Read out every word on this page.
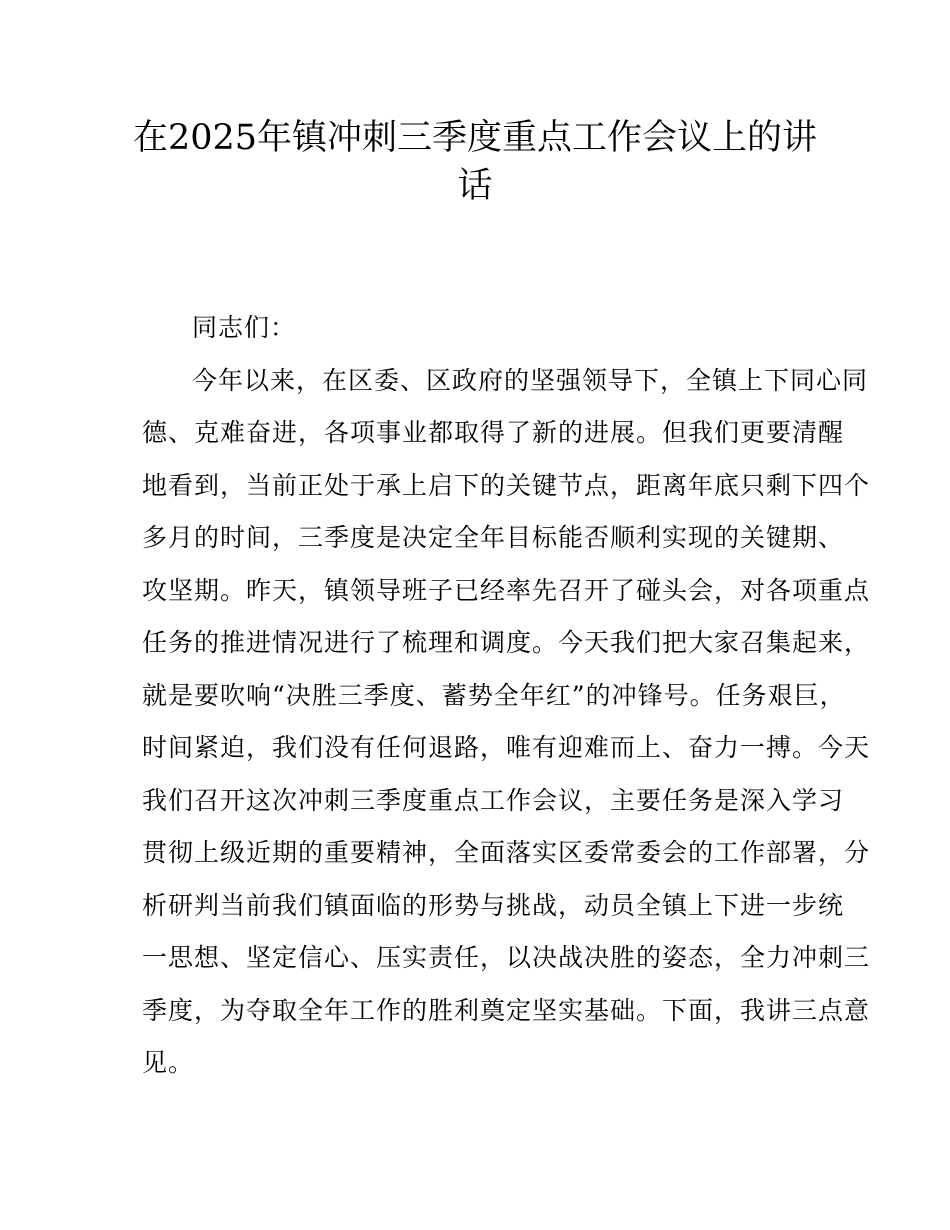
在2025年镇冲刺三季度重点工作会议上的讲
话
同志们：
今年以来，在区委、区政府的坚强领导下，全镇上下同心同
德、克难奋进，各项事业都取得了新的进展。但我们更要清醒
地看到，当前正处于承上启下的关键节点，距离年底只剩下四个
多月的时间，三季度是决定全年目标能否顺利实现的关键期、
攻坚期。昨天，镇领导班子已经率先召开了碰头会，对各项重点
任务的推进情况进行了梳理和调度。今天我们把大家召集起来，
就是要吹响“决胜三季度、蓄势全年红”的冲锋号。任务艰巨，
时间紧迫，我们没有任何退路，唯有迎难而上、奋力一搏。今天
我们召开这次冲刺三季度重点工作会议，主要任务是深入学习
贯彻上级近期的重要精神，全面落实区委常委会的工作部署，分
析研判当前我们镇面临的形势与挑战，动员全镇上下进一步统
一思想、坚定信心、压实责任，以决战决胜的姿态，全力冲刺三
季度，为夺取全年工作的胜利奠定坚实基础。下面，我讲三点意
见。
